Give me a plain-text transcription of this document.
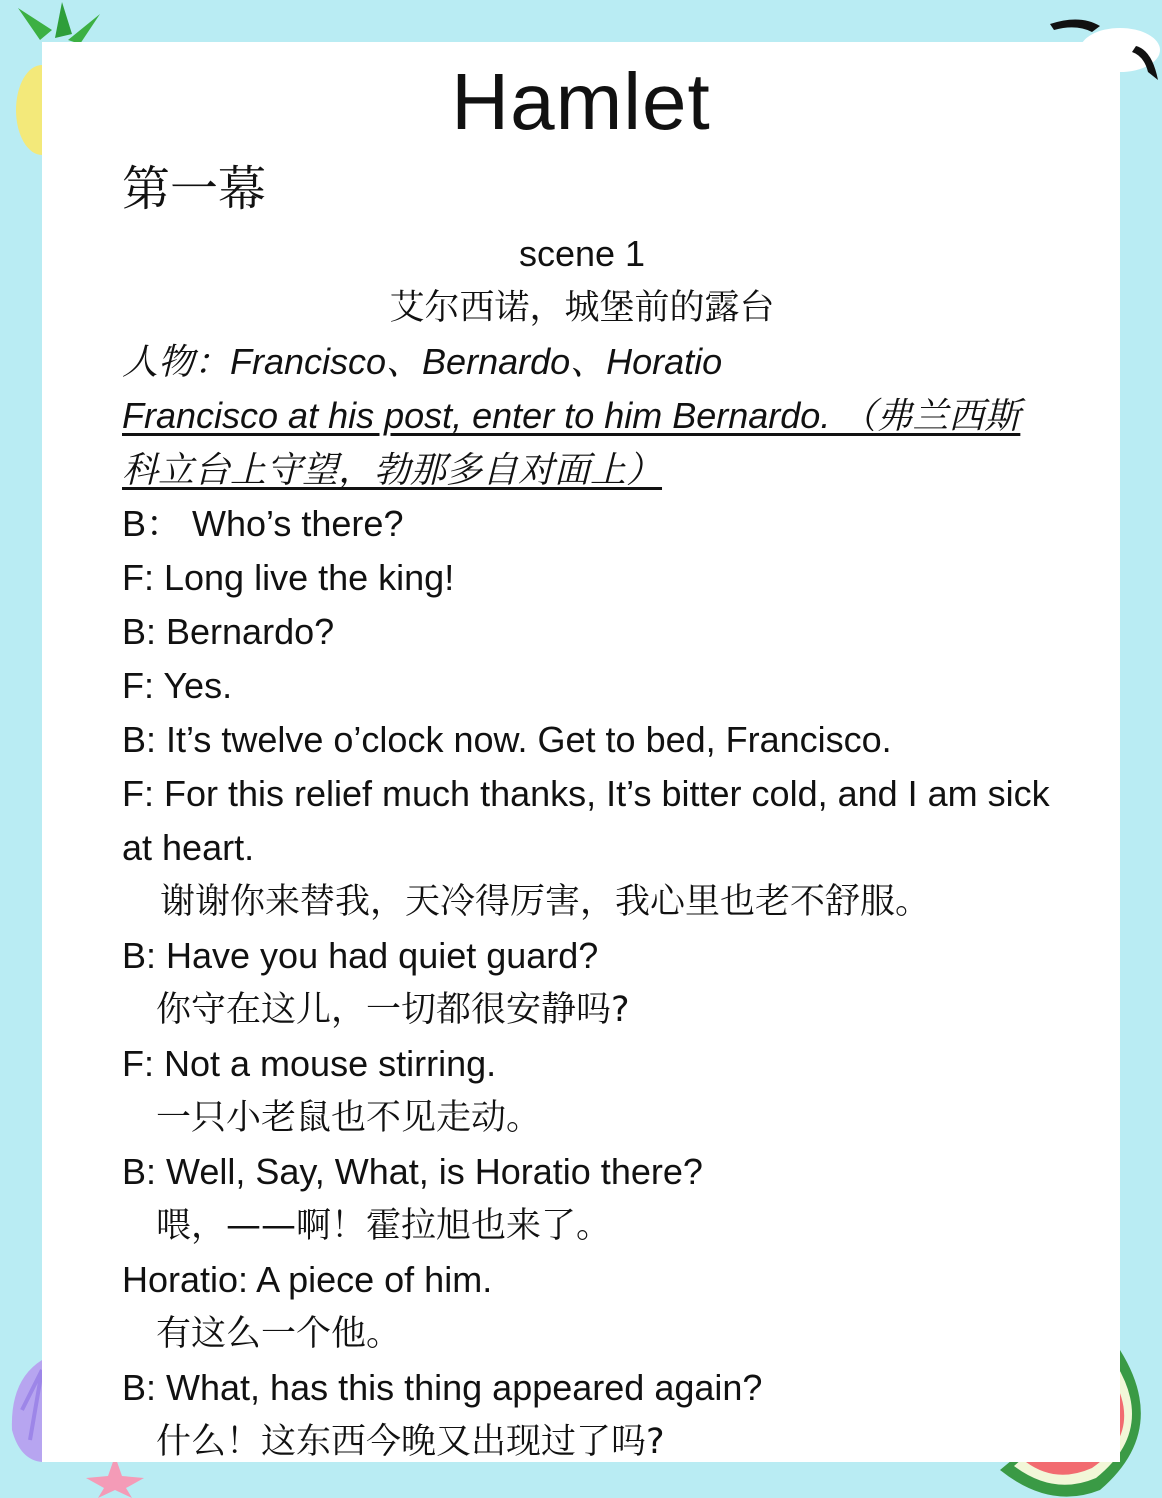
Hamlet
第一幕
scene 1
艾尔西诺，城堡前的露台
人物：Francisco、Bernardo、Horatio
Francisco at his post, enter to him Bernardo. （弗兰西斯科立台上守望，勃那多自对面上）
B： Who’s there?
F: Long live the king!
B: Bernardo?
F: Yes.
B: It’s twelve o’clock now. Get to bed, Francisco.
F: For this relief much thanks, It’s bitter cold, and I am sick at heart.
谢谢你来替我，天冷得厉害，我心里也老不舒服。
B: Have you had quiet guard?
你守在这儿，一切都很安静吗?
F: Not a mouse stirring.
一只小老鼠也不见走动。
B: Well, Say, What, is Horatio there?
喂，——啊！霍拉旭也来了。
Horatio: A piece of him.
有这么一个他。
B: What, has this thing appeared again?
什么！这东西今晚又出现过了吗?
